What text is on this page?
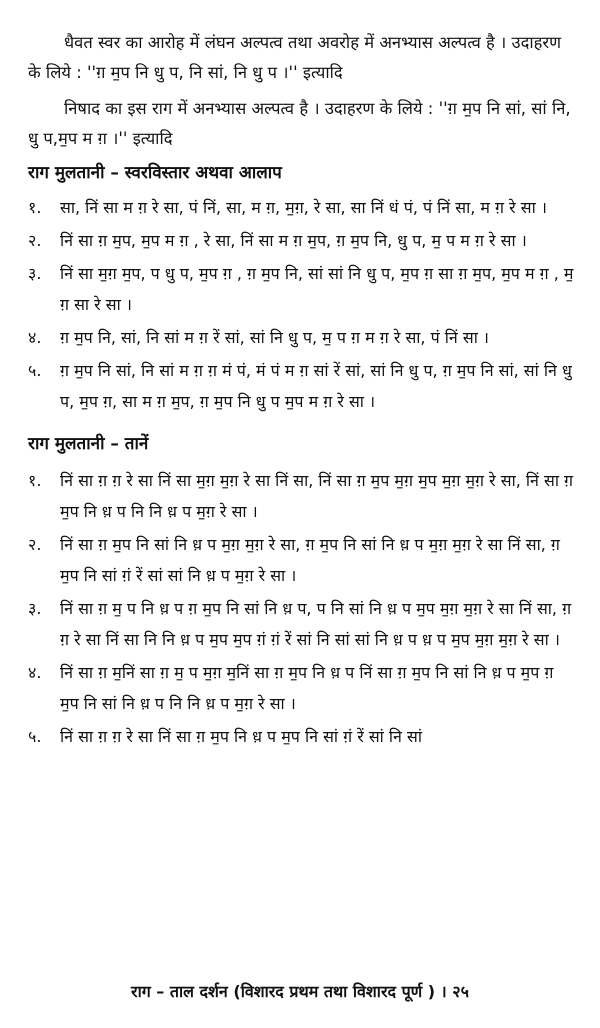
धैवत स्वर का आरोह में लंघन अल्पत्व तथा अवरोह में अनभ्यास अल्पत्व है । उदाहरण के लिये : ''ग़ म॒प नि धु प, नि सां, नि धु प ।'' इत्यादि

निषाद का इस राग में अनभ्यास अल्पत्व है । उदाहरण के लिये : ''ग़ म॒प नि सां, सां नि, धु प,म॒प म ग़ ।'' इत्यादि

राग मुलतानी – स्वरविस्तार अथवा आलाप
१.	सा, निं सा म ग़ रे सा, पं निं, सा, म ग़, म॒ग़, रे सा, सा निं धं पं, पं निं सा, म ग़ रे सा ।
२.	निं सा ग़ म॒प, म॒प म ग़ , रे सा, निं सा म ग़ म॒प, ग़ म॒प नि, धु प, म॒ प म ग़ रे सा ।
३.	निं सा म॒ग़ म॒प, प धु प, म॒प ग़ , ग़ म॒प नि, सां सां नि धु प, म॒प ग़ सा ग़ म॒प, म॒प म ग़ , म॒ ग़ सा रे सा ।
४.	ग़ म॒प नि, सां, नि सां म ग़ रें सां, सां नि धु प, म॒ प ग़ म ग़ रे सा, पं निं सा ।
५.	ग़ म॒प नि सां, नि सां म ग़ ग़ मं पं, मं पं म ग़ सां रें सां, सां नि धु प, ग़ म॒प नि सां, सां नि धु प, म॒प ग़, सा म ग़ म॒प, ग़ म॒प नि धु प म॒प म ग़ रे सा ।
राग मुलतानी – तानें
१.	निं सा ग़ ग़ रे सा निं सा म॒ग़ म॒ग़ रे सा निं सा, निं सा ग़ म॒प म॒ग़ म॒प म॒ग़ म॒ग़ रे सा, निं सा ग़ म॒प नि ध़ प नि नि ध़ प म॒ग़ रे सा ।
२.	निं सा ग़ म॒प नि सां नि ध़ प म॒ग़ म॒ग़ रे सा, ग़ म॒प नि सां नि ध़ प म॒ग़ म॒ग़ रे सा निं सा, ग़ म॒प नि सां ग़ं रें सां सां नि ध़ प म॒ग़ रे सा ।
३.	निं सा ग़ म॒ प नि ध़ प ग़ म॒प नि सां नि ध़ प, प नि सां नि ध़ प म॒प म॒ग़ म॒ग़ रे सा निं सा, ग़ ग़ रे सा निं सा नि नि ध़ प म॒प म॒प ग़ं ग़ं रें सां नि सां सां नि ध़ प ध़ प म॒प म॒ग़ म॒ग़ रे सा ।
४.	निं सा ग़ म॒निं सा ग़ म॒ प म॒ग़ म॒निं सा ग़ म॒प नि ध़ प निं सा ग़ म॒प नि सां नि ध़ प म॒प ग़ म॒प नि सां नि ध़ प नि नि ध़ प म॒ग़ रे सा ।
५.	निं सा ग़ ग़ रे सा निं सा ग़ म॒प नि ध़ प म॒प नि सां ग़ं रें सां नि सां
राग – ताल दर्शन (विशारद प्रथम तथा विशारद पूर्ण ) । २५
